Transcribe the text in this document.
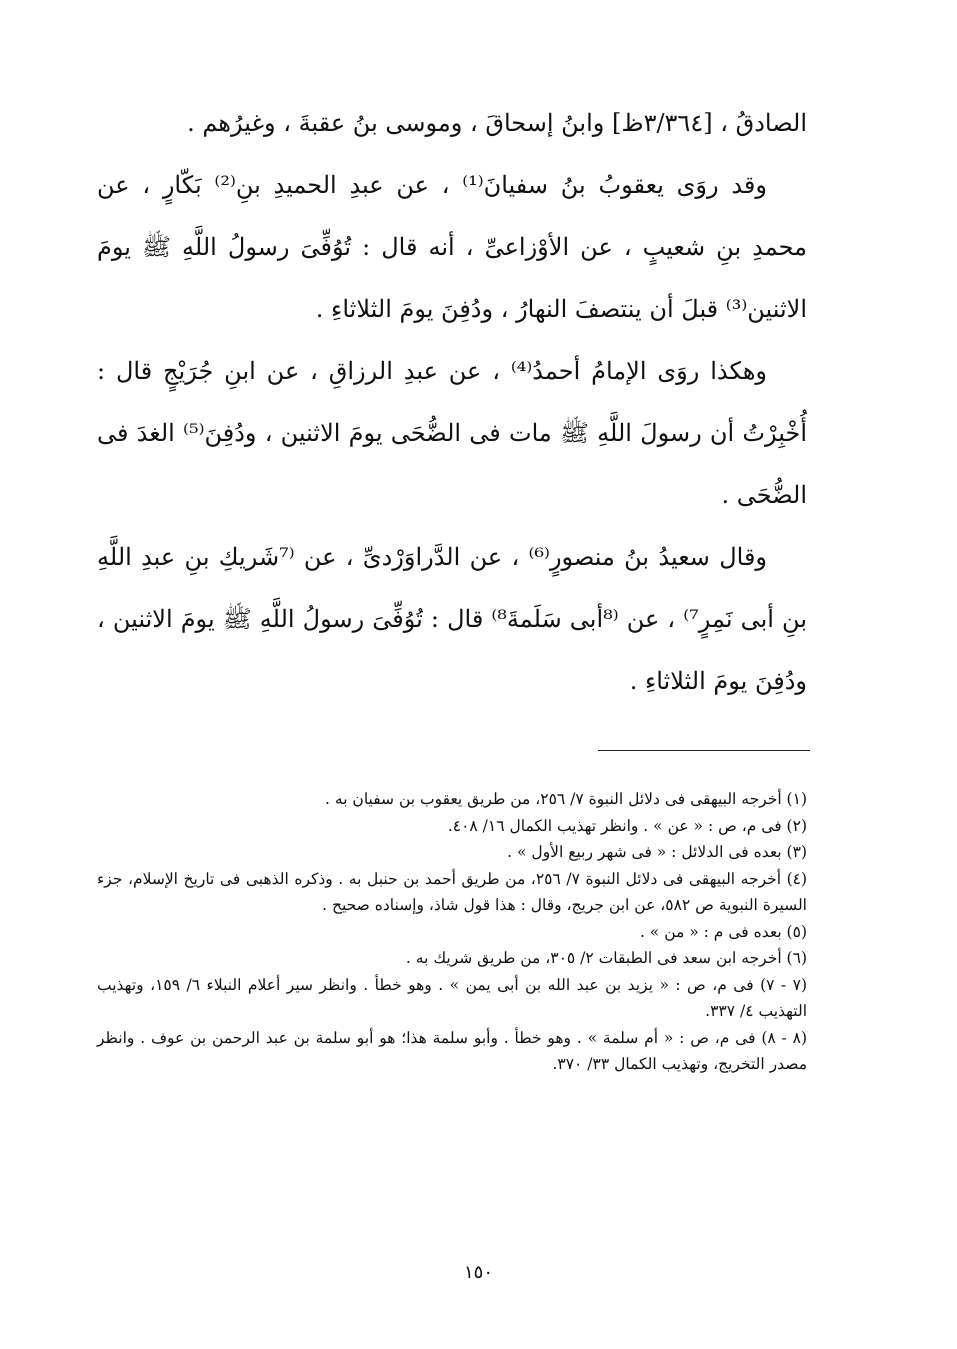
الصادقُ ، [٣/٣٦٤ظ] وابنُ إسحاقَ ، وموسى بنُ عقبةَ ، وغيرُهم .

وقد روَى يعقوبُ بنُ سفيانَ⁽¹⁾ ، عن عبدِ الحميدِ بنِ⁽²⁾ بَكّارٍ ، عن محمدِ بنِ شعيبٍ ، عن الأوْزاعىِّ ، أنه قال : تُوُفِّىَ رسولُ اللَّهِ ﷺ يومَ الاثنين⁽³⁾ قبلَ أن ينتصفَ النهارُ ، ودُفِنَ يومَ الثلاثاءِ .

وهكذا روَى الإمامُ أحمدُ⁽⁴⁾ ، عن عبدِ الرزاقِ ، عن ابنِ جُرَيْجٍ قال : أُخْبِرْتُ أن رسولَ اللَّهِ ﷺ مات فى الضُّحَى يومَ الاثنين ، ودُفِنَ⁽⁵⁾ الغدَ فى الضُّحَى .

وقال سعيدُ بنُ منصورٍ⁽⁶⁾ ، عن الدَّراوَرْدىِّ ، عن ⁽⁷شَريكِ بنِ عبدِ اللَّهِ بنِ أبى نَمِرٍ⁷⁾ ، عن ⁽⁸أبى سَلَمةَ⁸⁾ قال : تُوُفِّىَ رسولُ اللَّهِ ﷺ يومَ الاثنين ، ودُفِنَ يومَ الثلاثاءِ .

(١) أخرجه البيهقى فى دلائل النبوة ٧/ ٢٥٦، من طريق يعقوب بن سفيان به .

(٢) فى م، ص : « عن » . وانظر تهذيب الكمال ١٦/ ٤٠٨.

(٣) بعده فى الدلائل : « فى شهر ربيع الأول » .

(٤) أخرجه البيهقى فى دلائل النبوة ٧/ ٢٥٦، من طريق أحمد بن حنبل به . وذكره الذهبى فى تاريخ الإسلام، جزء السيرة النبوية ص ٥٨٢، عن ابن جريج، وقال : هذا قول شاذ، وإسناده صحيح .

(٥) بعده فى م : « من » .

(٦) أخرجه ابن سعد فى الطبقات ٢/ ٣٠٥، من طريق شريك به .

(٧ - ٧) فى م، ص : « يزيد بن عبد الله بن أبى يمن » . وهو خطأ . وانظر سير أعلام النبلاء ٦/ ١٥٩، وتهذيب التهذيب ٤/ ٣٣٧.

(٨ - ٨) فى م، ص : « أم سلمة » . وهو خطأ . وأبو سلمة هذا؛ هو أبو سلمة بن عبد الرحمن بن عوف . وانظر مصدر التخريج، وتهذيب الكمال ٣٣/ ٣٧٠.

١٥٠
